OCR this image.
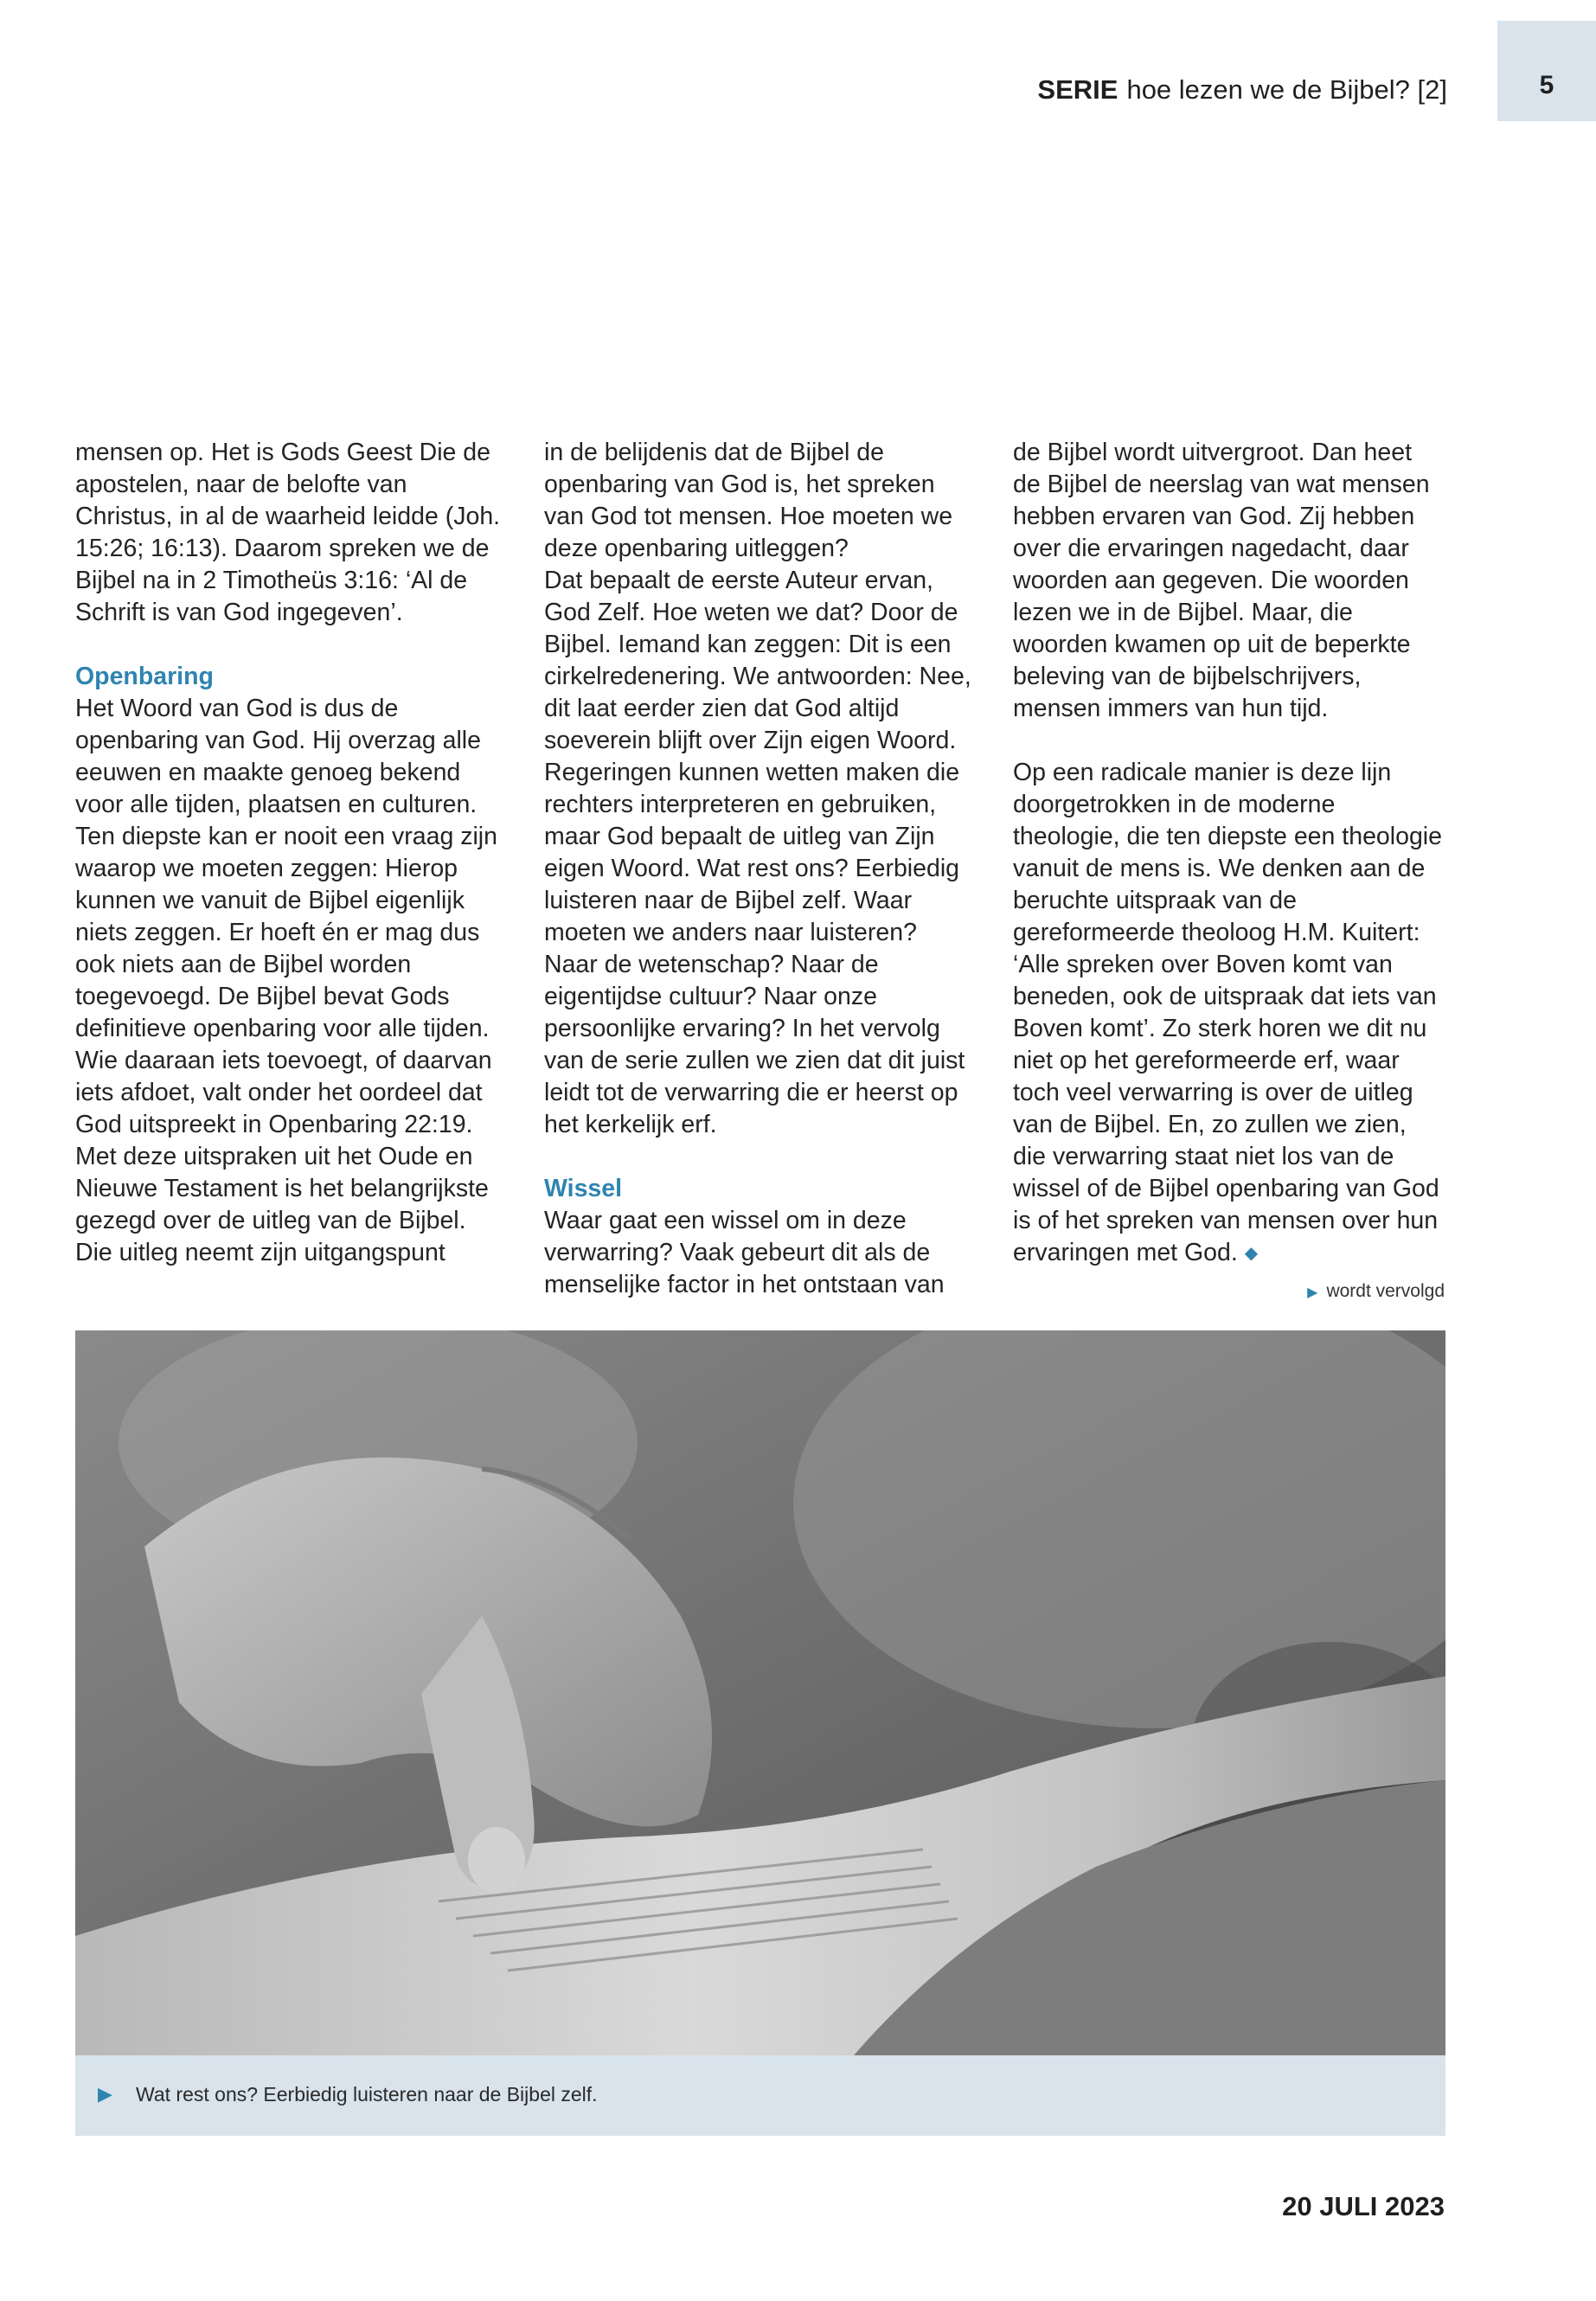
SERIE hoe lezen we de Bijbel? [2]	5

mensen op. Het is Gods Geest Die de apostelen, naar de belofte van Christus, in al de waarheid leidde (Joh. 15:26; 16:13). Daarom spreken we de Bijbel na in 2 Timotheüs 3:16: ‘Al de Schrift is van God ingegeven’.

Openbaring

Het Woord van God is dus de openbaring van God. Hij overzag alle eeuwen en maakte genoeg bekend voor alle tijden, plaatsen en culturen. Ten diepste kan er nooit een vraag zijn waarop we moeten zeggen: Hierop kunnen we vanuit de Bijbel eigenlijk niets zeggen. Er hoeft én er mag dus ook niets aan de Bijbel worden toegevoegd. De Bijbel bevat Gods definitieve openbaring voor alle tijden. Wie daaraan iets toevoegt, of daarvan iets afdoet, valt onder het oordeel dat God uitspreekt in Openbaring 22:19.

Met deze uitspraken uit het Oude en Nieuwe Testament is het belangrijkste gezegd over de uitleg van de Bijbel. Die uitleg neemt zijn uitgangspunt

in de belijdenis dat de Bijbel de openbaring van God is, het spreken van God tot mensen. Hoe moeten we deze openbaring uitleggen?

Dat bepaalt de eerste Auteur ervan, God Zelf. Hoe weten we dat? Door de Bijbel. Iemand kan zeggen: Dit is een cirkelredenering. We antwoorden: Nee, dit laat eerder zien dat God altijd soeverein blijft over Zijn eigen Woord. Regeringen kunnen wetten maken die rechters interpreteren en gebruiken, maar God bepaalt de uitleg van Zijn eigen Woord. Wat rest ons? Eerbiedig luisteren naar de Bijbel zelf. Waar moeten we anders naar luisteren? Naar de wetenschap? Naar de eigentijdse cultuur? Naar onze persoonlijke ervaring? In het vervolg van de serie zullen we zien dat dit juist leidt tot de verwarring die er heerst op het kerkelijk erf.

Wissel

Waar gaat een wissel om in deze verwarring? Vaak gebeurt dit als de menselijke factor in het ontstaan van

de Bijbel wordt uitvergroot. Dan heet de Bijbel de neerslag van wat mensen hebben ervaren van God. Zij hebben over die ervaringen nagedacht, daar woorden aan gegeven. Die woorden lezen we in de Bijbel. Maar, die woorden kwamen op uit de beperkte beleving van de bijbelschrijvers, mensen immers van hun tijd.

Op een radicale manier is deze lijn doorgetrokken in de moderne theologie, die ten diepste een theologie vanuit de mens is. We denken aan de beruchte uitspraak van de gereformeerde theoloog H.M. Kuitert: ‘Alle spreken over Boven komt van beneden, ook de uitspraak dat iets van Boven komt’. Zo sterk horen we dit nu niet op het gereformeerde erf, waar toch veel verwarring is over de uitleg van de Bijbel. En, zo zullen we zien, die verwarring staat niet los van de wissel of de Bijbel openbaring van God is of het spreken van mensen over hun ervaringen met God. ◆

▶ wordt vervolgd
▶ Wat rest ons? Eerbiedig luisteren naar de Bijbel zelf.
20 JULI 2023
